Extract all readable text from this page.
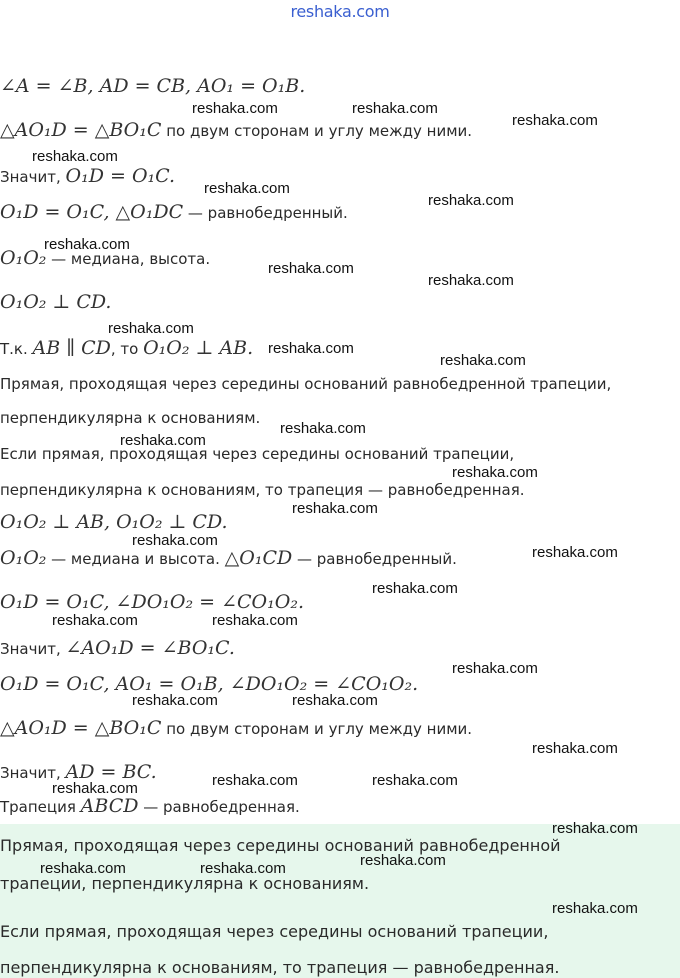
reshaka.com
∠A = ∠B, AD = CB, AO₁ = O₁B.
△AO₁D = △BO₁C по двум сторонам и углу между ними.
Значит, O₁D = O₁C.
O₁D = O₁C, △O₁DC — равнобедренный.
O₁O₂ — медиана, высота.
O₁O₂ ⊥ CD.
Т.к. AB ∥ CD, то O₁O₂ ⊥ AB.
Прямая, проходящая через середины оснований равнобедренной трапеции,
перпендикулярна к основаниям.
Если прямая, проходящая через середины оснований трапеции,
перпендикулярна к основаниям, то трапеция — равнобедренная.
O₁O₂ ⊥ AB, O₁O₂ ⊥ CD.
O₁O₂ — медиана и высота. △O₁CD — равнобедренный.
O₁D = O₁C, ∠DO₁O₂ = ∠CO₁O₂.
Значит, ∠AO₁D = ∠BO₁C.
O₁D = O₁C, AO₁ = O₁B, ∠DO₁O₂ = ∠CO₁O₂.
△AO₁D = △BO₁C по двум сторонам и углу между ними.
Значит, AD = BC.
Трапеция ABCD — равнобедренная.
Прямая, проходящая через середины оснований равнобедренной
трапеции, перпендикулярна к основаниям.
Если прямая, проходящая через середины оснований трапеции,
перпендикулярна к основаниям, то трапеция — равнобедренная.
reshaka.com	reshaka.com
reshaka.com
reshaka.com
reshaka.com
reshaka.com
reshaka.com
reshaka.com
reshaka.com
reshaka.com
reshaka.com
reshaka.com
reshaka.com
reshaka.com
reshaka.com
reshaka.com
reshaka.com
reshaka.com
reshaka.com
reshaka.com	reshaka.com
reshaka.com
reshaka.com	reshaka.com
reshaka.com
reshaka.com	reshaka.com
reshaka.com
reshaka.com
reshaka.com	reshaka.com	reshaka.com
reshaka.com
